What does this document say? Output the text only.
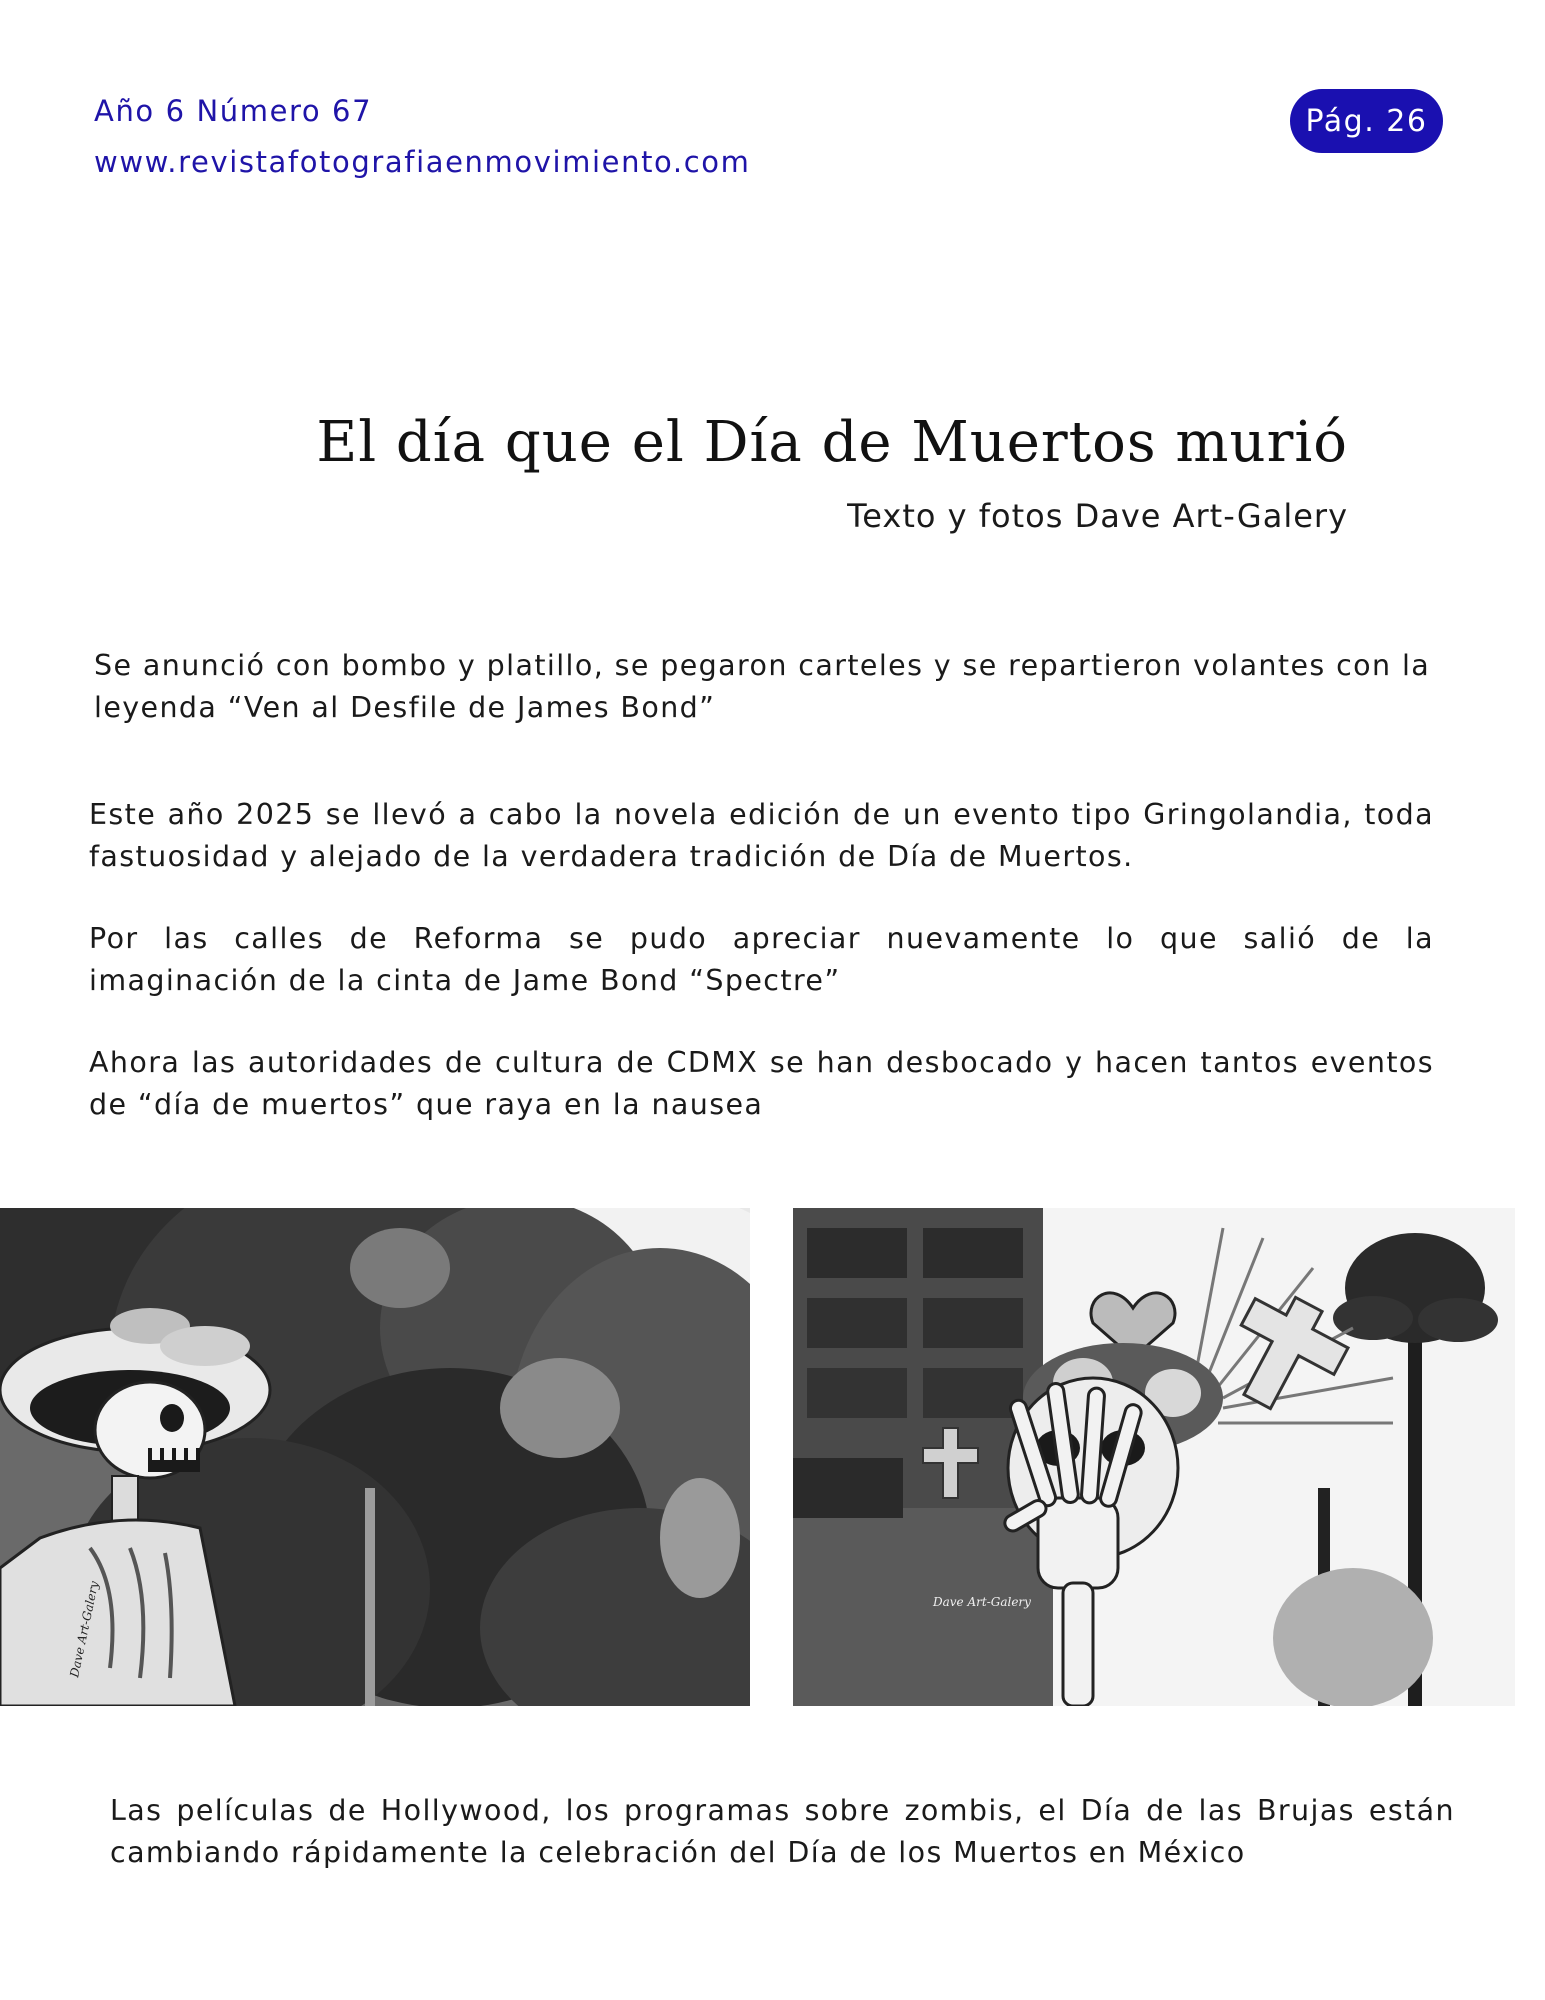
Año 6 Número 67
www.revistafotografiaenmovimiento.com
Pág. 26
El día que el Día de Muertos murió
Texto y fotos Dave Art-Galery
Se anunció con bombo y platillo, se pegaron carteles y se repartieron volantes con la leyenda “Ven al Desfile de James Bond”
Este año 2025 se llevó a cabo la novela edición de un evento tipo Gringolandia, toda fastuosidad y alejado de la verdadera tradición de Día de Muertos.
Por las calles de Reforma se pudo apreciar nuevamente lo que salió de la imaginación de la cinta de Jame Bond “Spectre”
Ahora las autoridades de cultura de CDMX se han desbocado y hacen tantos eventos de “día de muertos” que raya en la nausea
Dave Art-Galery	Dave Art-Galery
Las películas de Hollywood, los programas sobre zombis, el Día de las Brujas están cambiando rápidamente la celebración del Día de los Muertos en México
